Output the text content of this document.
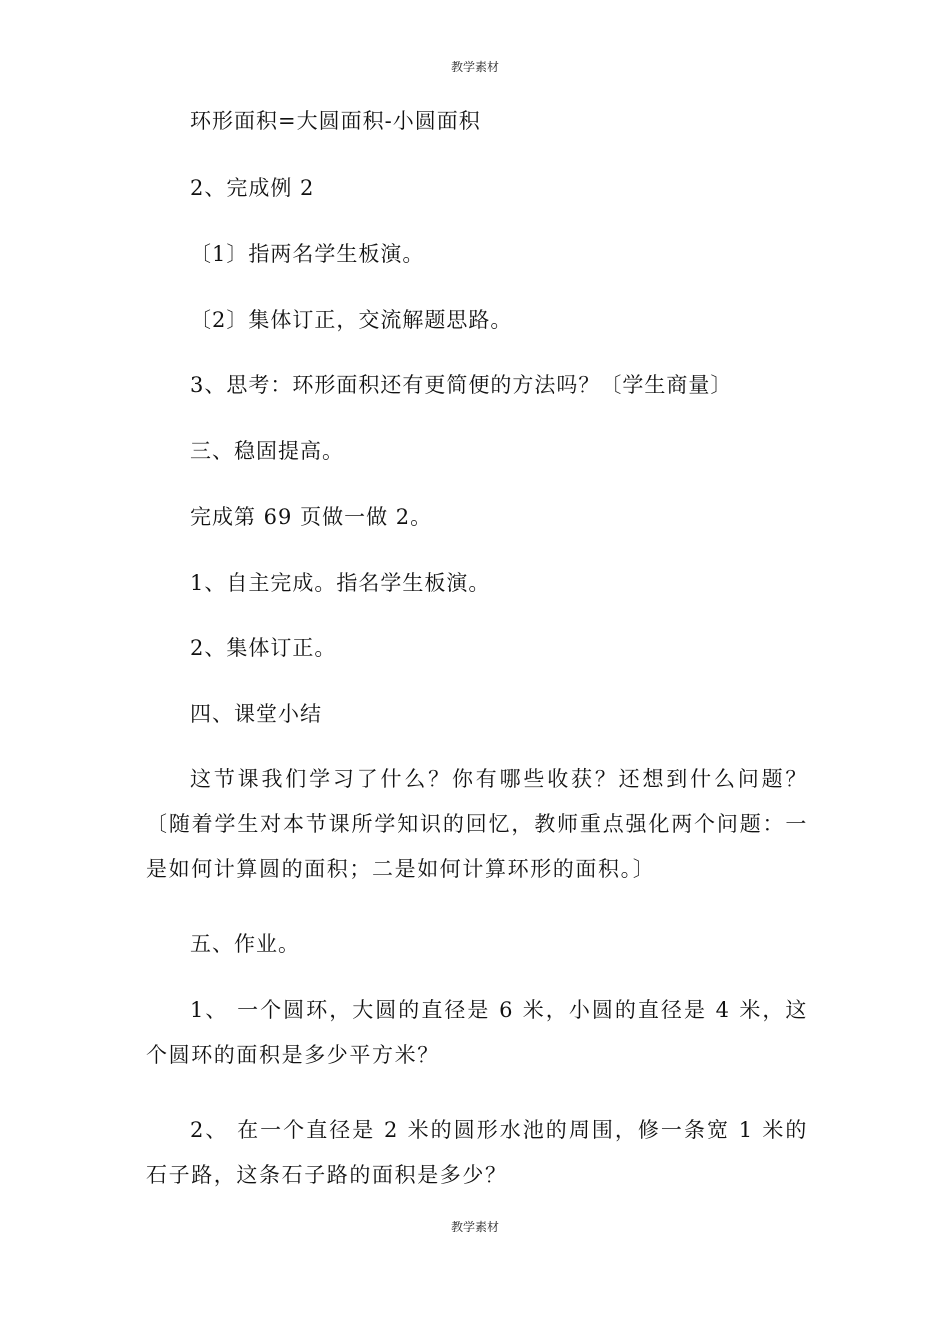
教学素材
环形面积=大圆面积-小圆面积
2、完成例 2
〔1〕指两名学生板演。
〔2〕集体订正，交流解题思路。
3、思考：环形面积还有更简便的方法吗？〔学生商量〕
三、稳固提高。
完成第 69 页做一做 2。
1、自主完成。指名学生板演。
2、集体订正。
四、课堂小结
这节课我们学习了什么？你有哪些收获？还想到什么问题？〔随着学生对本节课所学知识的回忆，教师重点强化两个问题：一是如何计算圆的面积；二是如何计算环形的面积。〕
五、作业。
1、 一个圆环，大圆的直径是 6 米，小圆的直径是 4 米，这个圆环的面积是多少平方米？
2、 在一个直径是 2 米的圆形水池的周围，修一条宽 1 米的石子路，这条石子路的面积是多少？
教学素材
